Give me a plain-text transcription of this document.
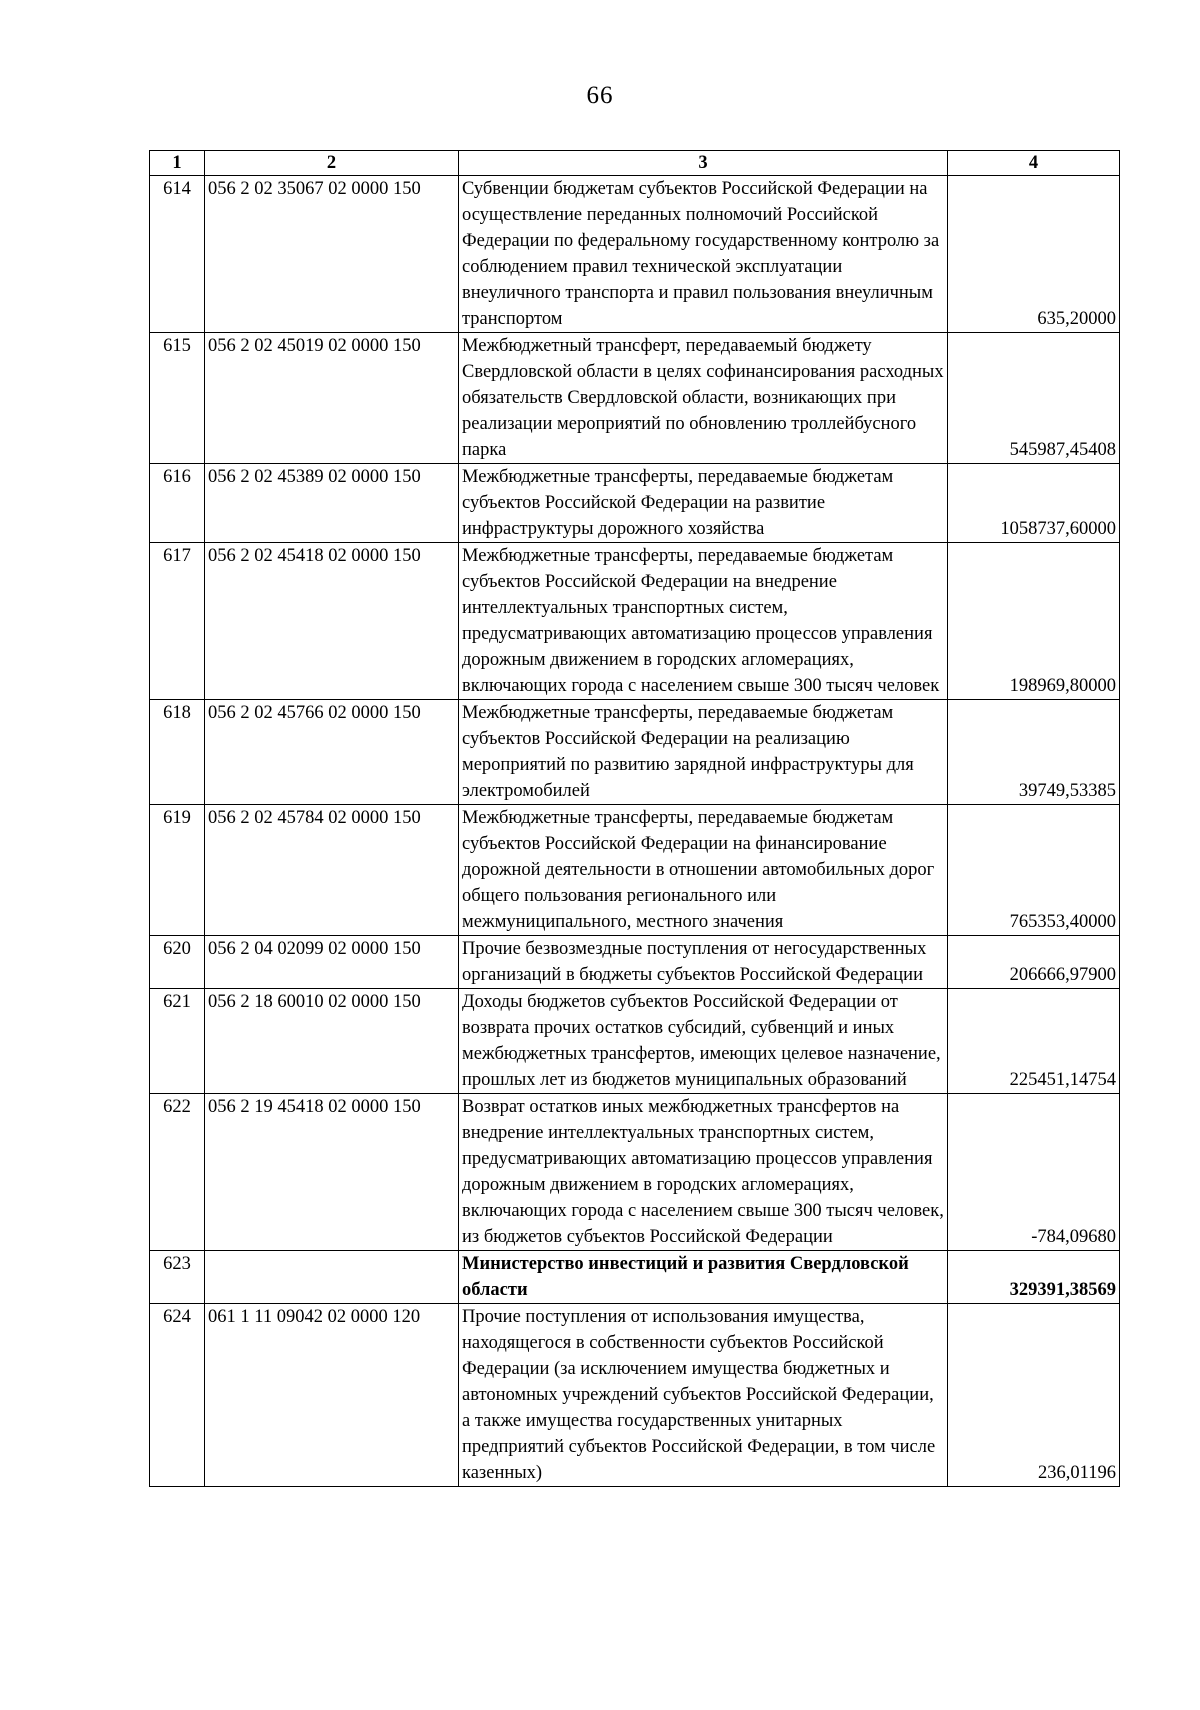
66
1	2	3	4
614	056 2 02 35067 02 0000 150	Субвенции бюджетам субъектов Российской Федерации на осуществление переданных полномочий Российской Федерации по федеральному государственному контролю за соблюдением правил технической эксплуатации внеуличного транспорта и правил пользования внеуличным транспортом	635,20000
615	056 2 02 45019 02 0000 150	Межбюджетный трансферт, передаваемый бюджету Свердловской области в целях софинансирования расходных обязательств Свердловской области, возникающих при реализации мероприятий по обновлению троллейбусного парка	545987,45408
616	056 2 02 45389 02 0000 150	Межбюджетные трансферты, передаваемые бюджетам субъектов Российской Федерации на развитие инфраструктуры дорожного хозяйства	1058737,60000
617	056 2 02 45418 02 0000 150	Межбюджетные трансферты, передаваемые бюджетам субъектов Российской Федерации на внедрение интеллектуальных транспортных систем, предусматривающих автоматизацию процессов управления дорожным движением в городских агломерациях, включающих города с населением свыше 300 тысяч человек	198969,80000
618	056 2 02 45766 02 0000 150	Межбюджетные трансферты, передаваемые бюджетам субъектов Российской Федерации на реализацию мероприятий по развитию зарядной инфраструктуры для электромобилей	39749,53385
619	056 2 02 45784 02 0000 150	Межбюджетные трансферты, передаваемые бюджетам субъектов Российской Федерации на финансирование дорожной деятельности в отношении автомобильных дорог общего пользования регионального или межмуниципального, местного значения	765353,40000
620	056 2 04 02099 02 0000 150	Прочие безвозмездные поступления от негосударственных организаций в бюджеты субъектов Российской Федерации	206666,97900
621	056 2 18 60010 02 0000 150	Доходы бюджетов субъектов Российской Федерации от возврата прочих остатков субсидий, субвенций и иных межбюджетных трансфертов, имеющих целевое назначение, прошлых лет из бюджетов муниципальных образований	225451,14754
622	056 2 19 45418 02 0000 150	Возврат остатков иных межбюджетных трансфертов на внедрение интеллектуальных транспортных систем, предусматривающих автоматизацию процессов управления дорожным движением в городских агломерациях, включающих города с населением свыше 300 тысяч человек, из бюджетов субъектов Российской Федерации	-784,09680
623		Министерство инвестиций и развития Свердловской области	329391,38569
624	061 1 11 09042 02 0000 120	Прочие поступления от использования имущества, находящегося в собственности субъектов Российской Федерации (за исключением имущества бюджетных и автономных учреждений субъектов Российской Федерации, а также имущества государственных унитарных предприятий субъектов Российской Федерации, в том числе казенных)	236,01196
